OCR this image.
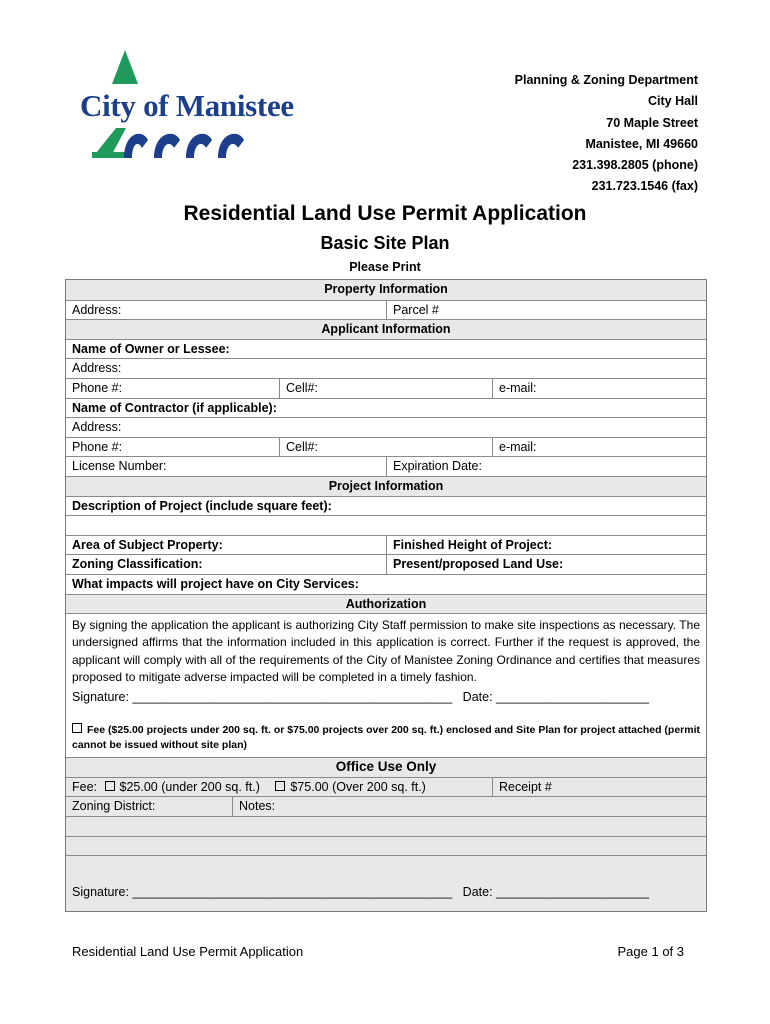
City of Manistee
Planning & Zoning Department
City Hall
70 Maple Street
Manistee, MI 49660
231.398.2805 (phone)
231.723.1546 (fax)
Residential Land Use Permit Application
Basic Site Plan
Please Print
Property Information
Address:	Parcel #
Applicant Information
Name of Owner or Lessee:
Address:
Phone #:	Cell#:	e-mail:
Name of Contractor (if applicable):
Address:
Phone #:	Cell#:	e-mail:
License Number:	Expiration Date:
Project Information
Description of Project (include square feet):
Area of Subject Property:	Finished Height of Project:
Zoning Classification:	Present/proposed Land Use:
What impacts will project have on City Services:
Authorization
By signing the application the applicant is authorizing City Staff permission to make site inspections as necessary. The undersigned affirms that the information included in this application is correct. Further if the request is approved, the applicant will comply with all of the requirements of the City of Manistee Zoning Ordinance and certifies that measures proposed to mitigate adverse impacted will be completed in a timely fashion.
Signature: ______________________________________________ Date: ______________________
Fee ($25.00 projects under 200 sq. ft. or $75.00 projects over 200 sq. ft.) enclosed and Site Plan for project attached (permit cannot be issued without site plan)
Office Use Only
Fee: $25.00 (under 200 sq. ft.) $75.00 (Over 200 sq. ft.)	Receipt #
Zoning District:	Notes:
Signature: ______________________________________________ Date: ______________________
Residential Land Use Permit Application	Page 1 of 3
